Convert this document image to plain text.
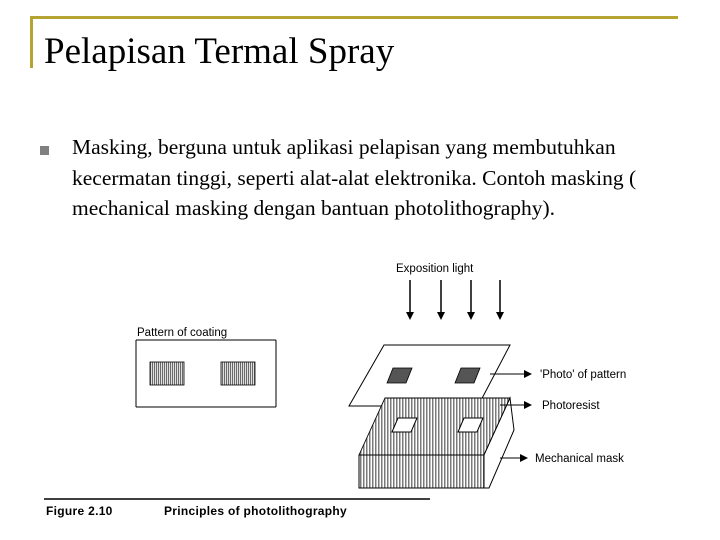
Pelapisan Termal Spray

Masking, berguna untuk aplikasi pelapisan yang membutuhkan kecermatan tinggi, seperti alat-alat elektronika. Contoh masking ( mechanical masking dengan bantuan photolithography).

Exposition light
Pattern of coating
'Photo' of pattern
Photoresist
Mechanical mask
Figure 2.10	Principles of photolithography
